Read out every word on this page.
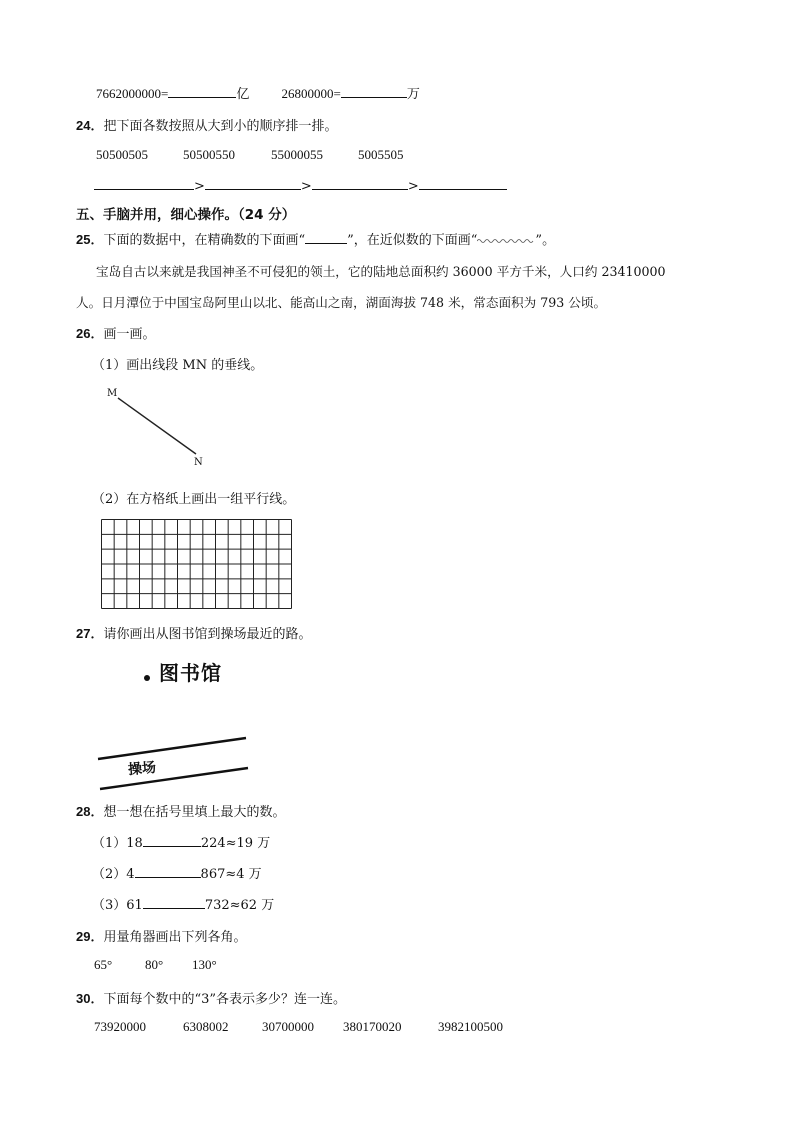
7662000000=	亿 26800000=	万
24．把下面各数按照从大到小的顺序排一排。
50500505	50500550	55000055	5005505
>	>	>
五、手脑并用，细心操作。（24 分）
25．下面的数据中，在精确数的下面画“	”，在近似数的下面画“	”。
宝岛自古以来就是我国神圣不可侵犯的领土，它的陆地总面积约 36000 平方千米，人口约 23410000
人。日月潭位于中国宝岛阿里山以北、能高山之南，湖面海拔 748 米，常态面积为 793 公顷。
26．画一画。
（1）画出线段 MN 的垂线。
M
N
（2）在方格纸上画出一组平行线。
27．请你画出从图书馆到操场最近的路。
图书馆
操场
28．想一想在括号里填上最大的数。
（1）18	224≈19 万
（2）4	867≈4 万
（3）61	732≈62 万
29．用量角器画出下列各角。
65°	80° 130°
30．下面每个数中的“3”各表示多少？连一连。
73920000	6308002	30700000 380170020	3982100500
